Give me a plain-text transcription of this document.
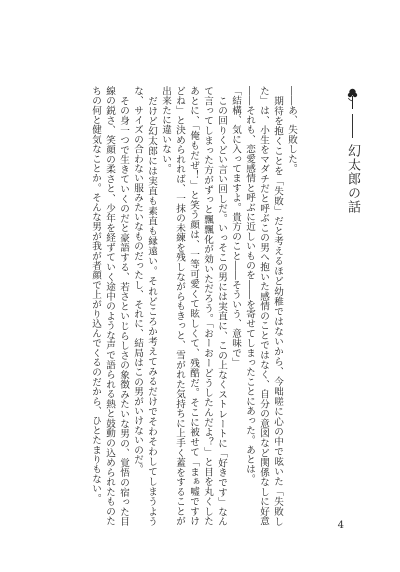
幻太郎の話

――あ、失敗した。

期待を抱くことを「失敗」だと考えるほど幼稚ではないから、今咄嗟に心の中で呟いた「失敗した」は、小生をマダチだと呼ぶこの男へ抱いた感情のことではなく、自分の意図など関係なしに好意――それも、恋愛感情と呼ぶに近しいものを――を寄せてしまったことにあった。あとは。

「結構、気に入ってますよ。貴方のこと――そういう、意味で」

この回りくどい言い回しだ。いっそこの男には実直に、この上なくストレートに「好きです」なんて言ってしまった方がずっと飄飄化が効いただろう。「おーおーどうしたんだよ？」と目を丸くしたあとに、「俺もだぜ！」と笑う顔は、一等可愛くて眩しくて、残酷だ。そこに被せて「まぁ嘘ですけどね」と決められれば、一抹の未練を残しながらもきっと、雪がれた気持ちに上手く蓋をすることが出来たに違いない。

だけど幻太郎には実直も素直も縁遠い。それどころか考えてみるだけでそわそわしてしまうような、サイズの合わない服みたいなものだったし、それに、結局はこの男がいけないのだ。

その身一つで生きていくのだと豪語する、若さといじらしさの象徴みたいな男の、覚悟の宿った目線の鋭さ、笑顔の柔さと、少年を経ずていく途中のような声で語られる熱と鼓動の込められたものたちの何と健気なことか。そんな男が我が者顔で上がり込んでくるのだから、ひとたまりもない。

4
